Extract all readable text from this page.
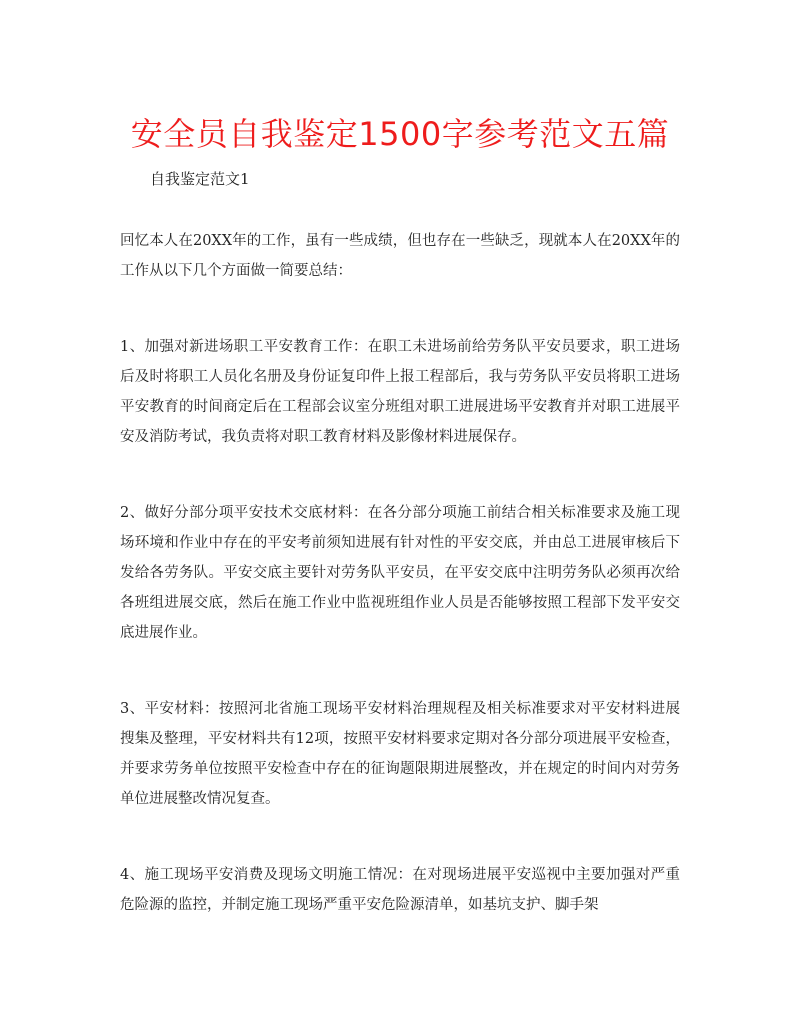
安全员自我鉴定1500字参考范文五篇
自我鉴定范文1

回忆本人在20XX年的工作，虽有一些成绩，但也存在一些缺乏，现就本人在20XX年的工作从以下几个方面做一简要总结：

1、加强对新进场职工平安教育工作：在职工未进场前给劳务队平安员要求，职工进场后及时将职工人员化名册及身份证复印件上报工程部后，我与劳务队平安员将职工进场平安教育的时间商定后在工程部会议室分班组对职工进展进场平安教育并对职工进展平安及消防考试，我负责将对职工教育材料及影像材料进展保存。

2、做好分部分项平安技术交底材料：在各分部分项施工前结合相关标准要求及施工现场环境和作业中存在的平安考前须知进展有针对性的平安交底，并由总工进展审核后下发给各劳务队。平安交底主要针对劳务队平安员，在平安交底中注明劳务队必须再次给各班组进展交底，然后在施工作业中监视班组作业人员是否能够按照工程部下发平安交底进展作业。

3、平安材料：按照河北省施工现场平安材料治理规程及相关标准要求对平安材料进展搜集及整理，平安材料共有12项，按照平安材料要求定期对各分部分项进展平安检查，并要求劳务单位按照平安检查中存在的征询题限期进展整改，并在规定的时间内对劳务单位进展整改情况复查。

4、施工现场平安消费及现场文明施工情况：在对现场进展平安巡视中主要加强对严重危险源的监控，并制定施工现场严重平安危险源清单，如基坑支护、脚手架
